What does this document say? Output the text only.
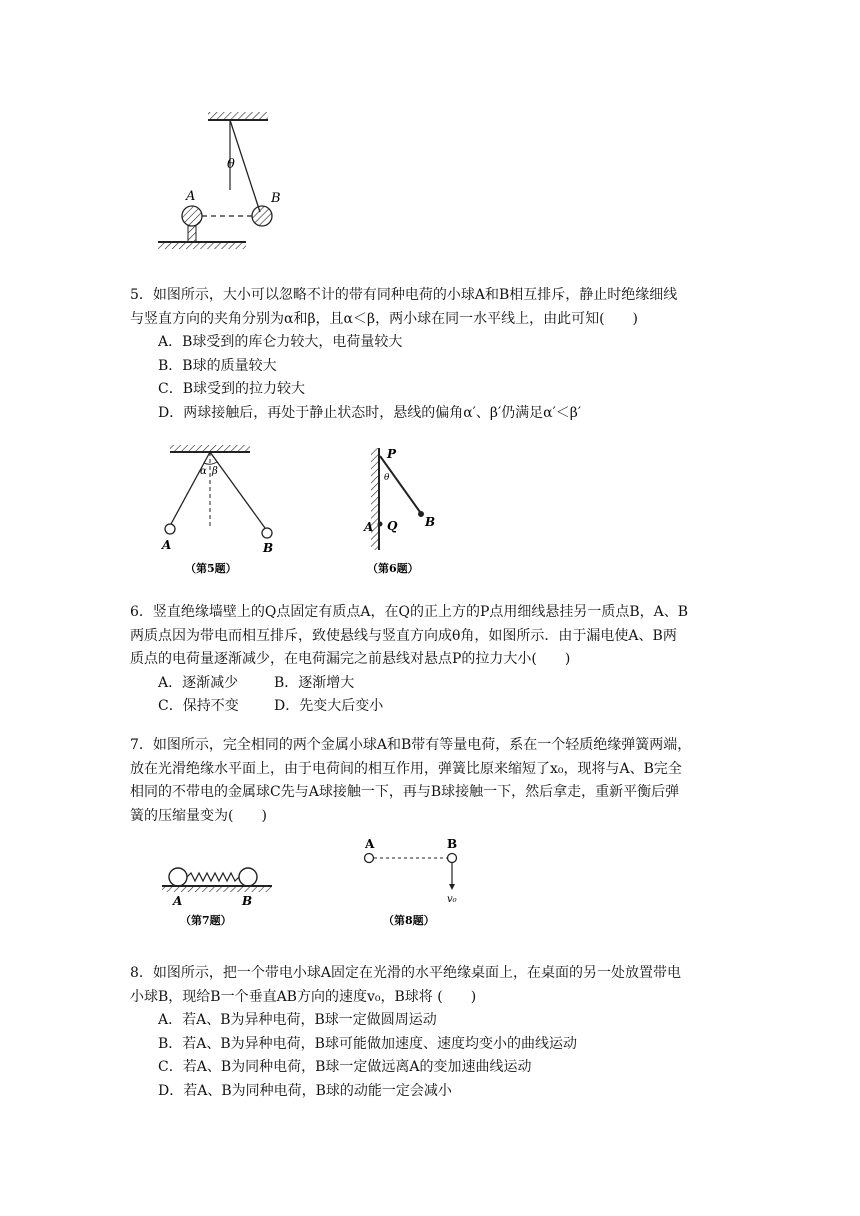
θ
B
A

5．如图所示，大小可以忽略不计的带有同种电荷的小球A和B相互排斥，静止时绝缘细线

与竖直方向的夹角分别为α和β，且α＜β，两小球在同一水平线上，由此可知(　　)

A．B球受到的库仑力较大，电荷量较大

B．B球的质量较大

C．B球受到的拉力较大

D．两球接触后，再处于静止状态时，悬线的偏角α′、β′仍满足α′＜β′

α β
A	B
（第5题）
P
θ
B
A Q
（第6题）

6．竖直绝缘墙壁上的Q点固定有质点A，在Q的正上方的P点用细线悬挂另一质点B，A、B

两质点因为带电而相互排斥，致使悬线与竖直方向成θ角，如图所示．由于漏电使A、B两

质点的电荷量逐渐减少，在电荷漏完之前悬线对悬点P的拉力大小(　　)

A．逐渐减少	B．逐渐增大

C．保持不变	D．先变大后变小

7．如图所示，完全相同的两个金属小球A和B带有等量电荷，系在一个轻质绝缘弹簧两端，

放在光滑绝缘水平面上，由于电荷间的相互作用，弹簧比原来缩短了x₀，现将与A、B完全

相同的不带电的金属球C先与A球接触一下，再与B球接触一下，然后拿走，重新平衡后弹

簧的压缩量变为(　　)

A	B
（第7题）
A	B
v₀
（第8题）

8．如图所示，把一个带电小球A固定在光滑的水平绝缘桌面上，在桌面的另一处放置带电

小球B，现给B一个垂直AB方向的速度v₀，B球将 (　　)

A．若A、B为异种电荷，B球一定做圆周运动

B．若A、B为异种电荷，B球可能做加速度、速度均变小的曲线运动

C．若A、B为同种电荷，B球一定做远离A的变加速曲线运动

D．若A、B为同种电荷，B球的动能一定会减小
